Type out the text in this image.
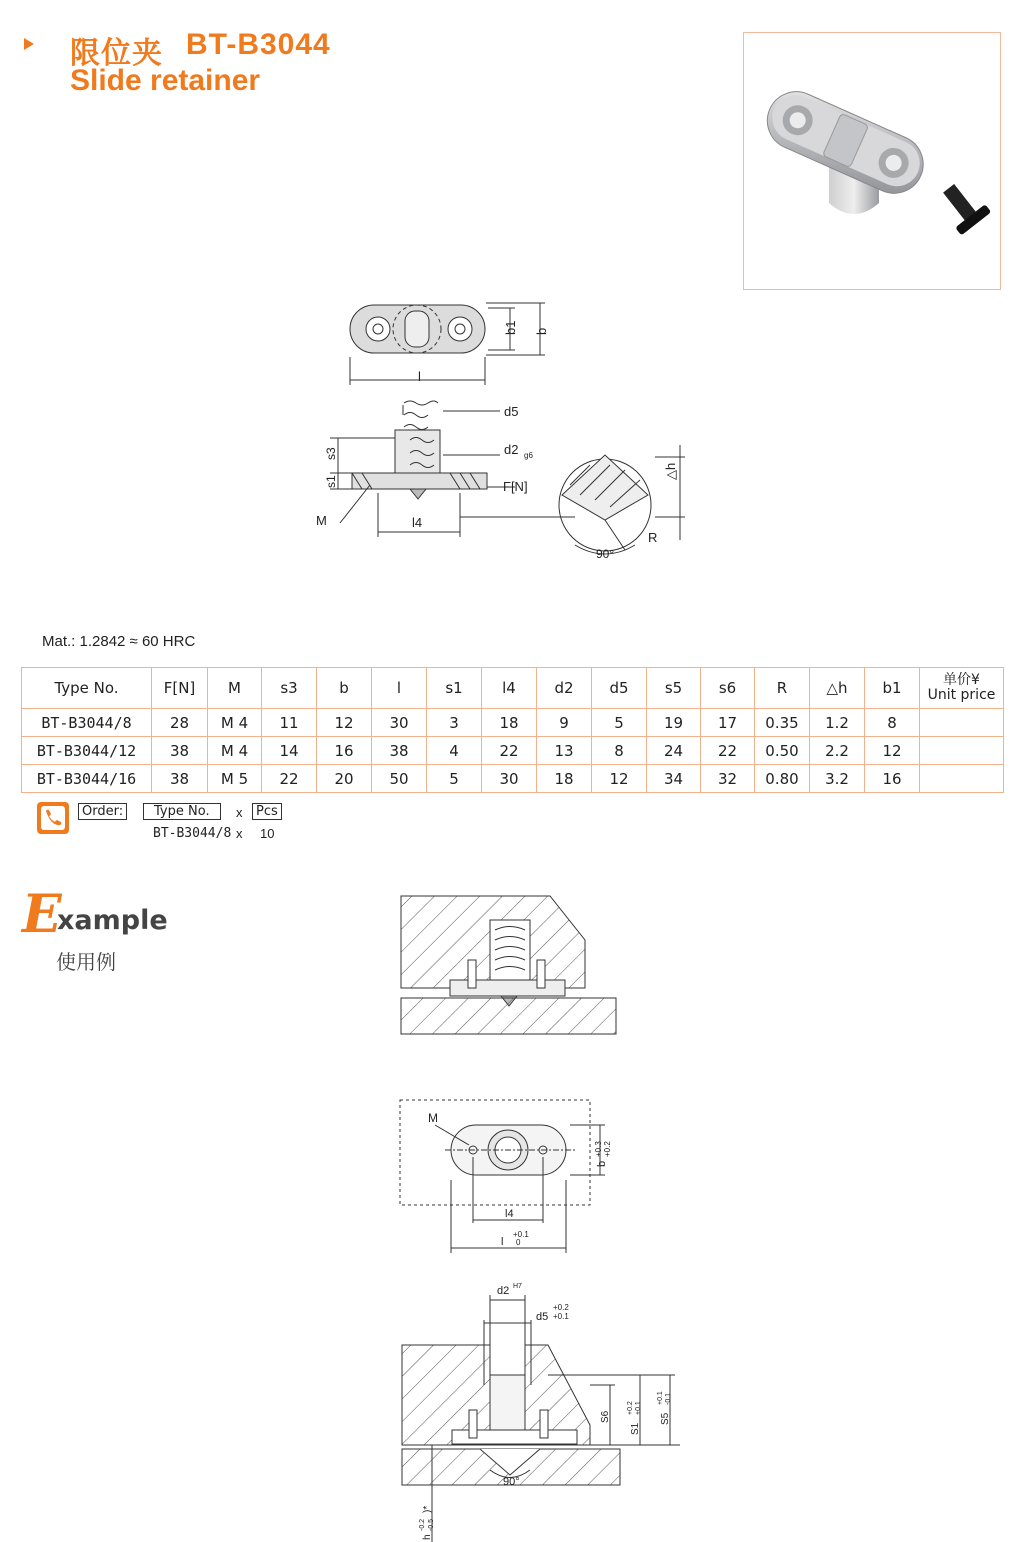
限位夹 BT-B3044
Slide retainer
b1 b
l
d5
d2 g6
F[N]
s3
s1
M	l4
△h
R
90°
Mat.: 1.2842 ≈ 60 HRC
Type No.	F[N]	M	s3	b	l	s1	l4	d2	d5	s5	s6	R	△h	b1	单价¥
Unit price
BT-B3044/8	28	M 4	11	12	30	3	18	9	5	19	17	0.35	1.2	8	
BT-B3044/12	38	M 4	14	16	38	4	22	13	8	24	22	0.50	2.2	12	
BT-B3044/16	38	M 5	22	20	50	5	30	18	12	34	32	0.80	3.2	16	
Order:	Type No.	x	Pcs
BT-B3044/8 x 10
E
xample
使用例
M
b
+0.3 +0.2
l4
l
+0.1
0
d2 H7
d5
+0.2
+0.1
S6
S1
+0.2 +0.1
S5
+0.1 -0.1
h
-0.2 -0.5
)*
90°
